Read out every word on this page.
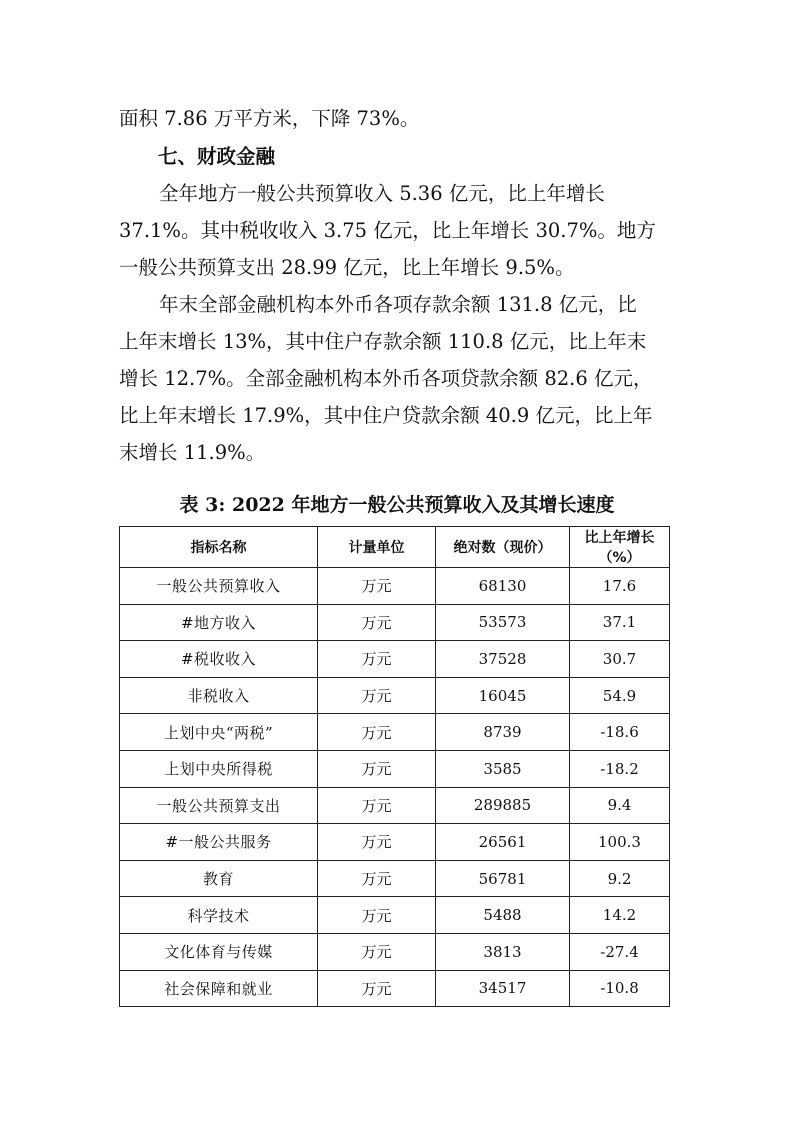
面积 7.86 万平方米，下降 73%。

七、财政金融

全年地方一般公共预算收入 5.36 亿元，比上年增长
37.1%。其中税收收入 3.75 亿元，比上年增长 30.7%。地方
一般公共预算支出 28.99 亿元，比上年增长 9.5%。

年末全部金融机构本外币各项存款余额 131.8 亿元，比
上年末增长 13%，其中住户存款余额 110.8 亿元，比上年末
增长 12.7%。全部金融机构本外币各项贷款余额 82.6 亿元，
比上年末增长 17.9%，其中住户贷款余额 40.9 亿元，比上年
末增长 11.9%。

表 3: 2022 年地方一般公共预算收入及其增长速度
指标名称	计量单位	绝对数（现价）	比上年增长（%）
一般公共预算收入	万元	68130	17.6
#地方收入	万元	53573	37.1
#税收收入	万元	37528	30.7
非税收入	万元	16045	54.9
上划中央“两税”	万元	8739	-18.6
上划中央所得税	万元	3585	-18.2
一般公共预算支出	万元	289885	9.4
#一般公共服务	万元	26561	100.3
教育	万元	56781	9.2
科学技术	万元	5488	14.2
文化体育与传媒	万元	3813	-27.4
社会保障和就业	万元	34517	-10.8
